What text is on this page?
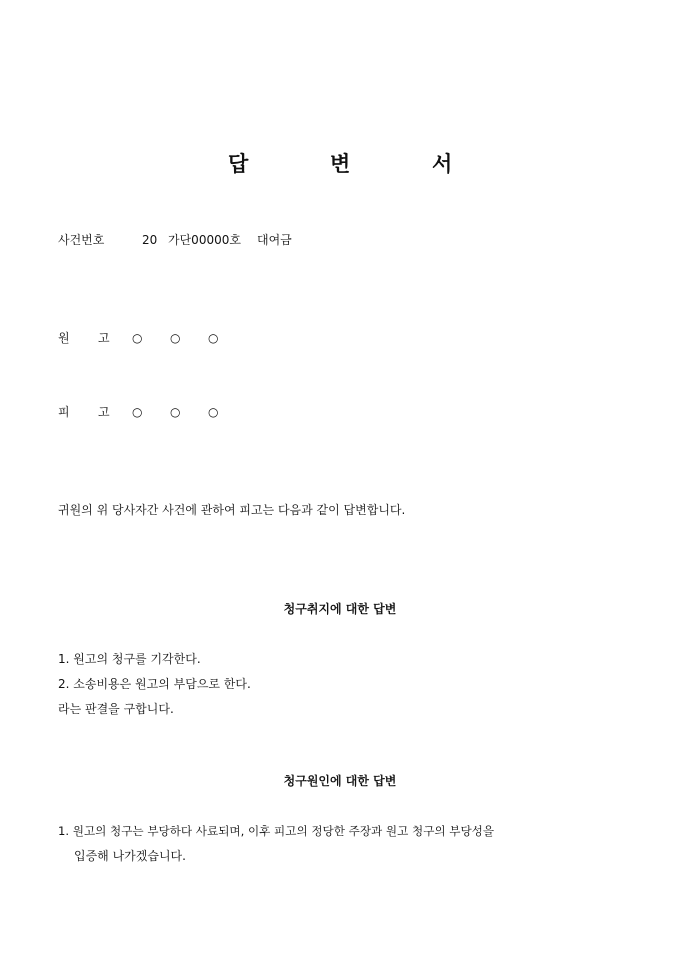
답	변	서
사건번호	20 가단00000호 대여금
원 고 ○ ○ ○
피 고 ○ ○ ○
귀원의 위 당사자간 사건에 관하여 피고는 다음과 같이 답변합니다.
청구취지에 대한 답변
1. 원고의 청구를 기각한다.
2. 소송비용은 원고의 부담으로 한다.
라는 판결을 구합니다.
청구원인에 대한 답변
1. 원고의 청구는 부당하다 사료되며, 이후 피고의 정당한 주장과 원고 청구의 부당성을
입증해 나가겠습니다.
